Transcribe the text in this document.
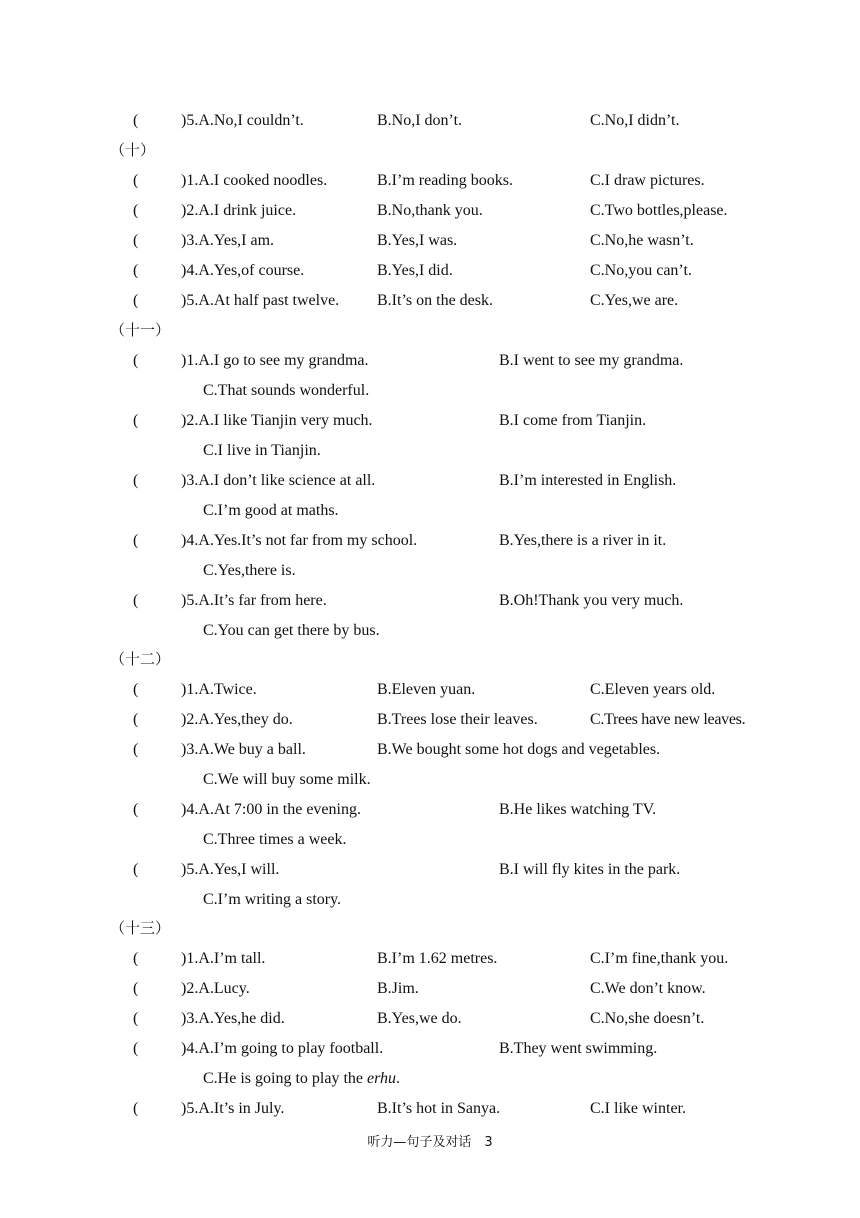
(	)5.A.No,I couldn’t.	B.No,I don’t.	C.No,I didn’t.
（十）
(	)1.A.I cooked noodles.	B.I’m reading books.	C.I draw pictures.
(	)2.A.I drink juice.	B.No,thank you.	C.Two bottles,please.
(	)3.A.Yes,I am.	B.Yes,I was.	C.No,he wasn’t.
(	)4.A.Yes,of course.	B.Yes,I did.	C.No,you can’t.
(	)5.A.At half past twelve. B.It’s on the desk.	C.Yes,we are.
（十一）
(	)1.A.I go to see my grandma.	B.I went to see my grandma.
C.That sounds wonderful.
(	)2.A.I like Tianjin very much.	B.I come from Tianjin.
C.I live in Tianjin.
(	)3.A.I don’t like science at all.	B.I’m interested in English.
C.I’m good at maths.
(	)4.A.Yes.It’s not far from my school.	B.Yes,there is a river in it.
C.Yes,there is.
(	)5.A.It’s far from here.	B.Oh!Thank you very much.
C.You can get there by bus.
（十二）
(	)1.A.Twice.	B.Eleven yuan.	C.Eleven years old.
(	)2.A.Yes,they do.	B.Trees lose their leaves.	C.Trees have new leaves.
(	)3.A.We buy a ball.	B.We bought some hot dogs and vegetables.
C.We will buy some milk.
(	)4.A.At 7:00 in the evening.	B.He likes watching TV.
C.Three times a week.
(	)5.A.Yes,I will.	B.I will fly kites in the park.
C.I’m writing a story.
（十三）
(	)1.A.I’m tall.	B.I’m 1.62 metres.	C.I’m fine,thank you.
(	)2.A.Lucy.	B.Jim.	C.We don’t know.
(	)3.A.Yes,he did.	B.Yes,we do.	C.No,she doesn’t.
(	)4.A.I’m going to play football.	B.They went swimming.
C.He is going to play the erhu.
(	)5.A.It’s in July.	B.It’s hot in Sanya.	C.I like winter.
听力—句子及对话　3
